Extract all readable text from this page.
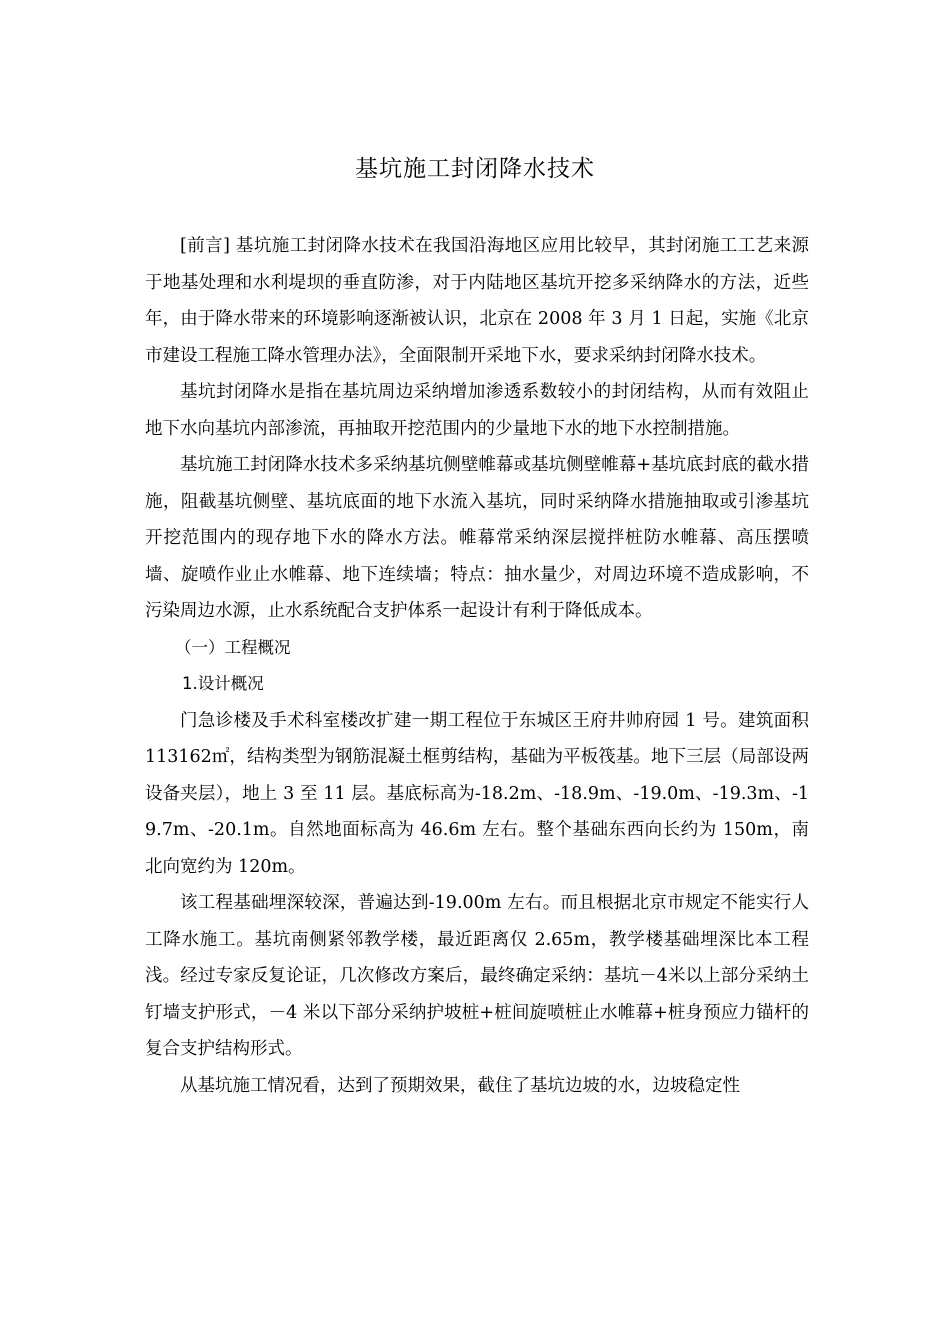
基坑施工封闭降水技术

[前言] 基坑施工封闭降水技术在我国沿海地区应用比较早，其封闭施工工艺来源于地基处理和水利堤坝的垂直防渗，对于内陆地区基坑开挖多采纳降水的方法，近些年，由于降水带来的环境影响逐渐被认识，北京在 2008 年 3 月 1 日起，实施《北京市建设工程施工降水管理办法》，全面限制开采地下水，要求采纳封闭降水技术。

基坑封闭降水是指在基坑周边采纳增加渗透系数较小的封闭结构，从而有效阻止地下水向基坑内部渗流，再抽取开挖范围内的少量地下水的地下水控制措施。

基坑施工封闭降水技术多采纳基坑侧壁帷幕或基坑侧壁帷幕+基坑底封底的截水措施，阻截基坑侧壁、基坑底面的地下水流入基坑，同时采纳降水措施抽取或引渗基坑开挖范围内的现存地下水的降水方法。帷幕常采纳深层搅拌桩防水帷幕、高压摆喷墙、旋喷作业止水帷幕、地下连续墙；特点：抽水量少，对周边环境不造成影响，不污染周边水源，止水系统配合支护体系一起设计有利于降低成本。

（一）工程概况

1.设计概况

门急诊楼及手术科室楼改扩建一期工程位于东城区王府井帅府园 1 号。建筑面积 113162㎡，结构类型为钢筋混凝土框剪结构，基础为平板筏基。地下三层（局部设两设备夹层），地上 3 至 11 层。基底标高为-18.2m、-18.9m、-19.0m、-19.3m、-19.7m、-20.1m。自然地面标高为 46.6m 左右。整个基础东西向长约为 150m，南北向宽约为 120m。

该工程基础埋深较深，普遍达到-19.00m 左右。而且根据北京市规定不能实行人工降水施工。基坑南侧紧邻教学楼，最近距离仅 2.65m，教学楼基础埋深比本工程浅。经过专家反复论证，几次修改方案后，最终确定采纳：基坑－4米以上部分采纳土钉墙支护形式，－4 米以下部分采纳护坡桩+桩间旋喷桩止水帷幕+桩身预应力锚杆的复合支护结构形式。

从基坑施工情况看，达到了预期效果，截住了基坑边坡的水，边坡稳定性
